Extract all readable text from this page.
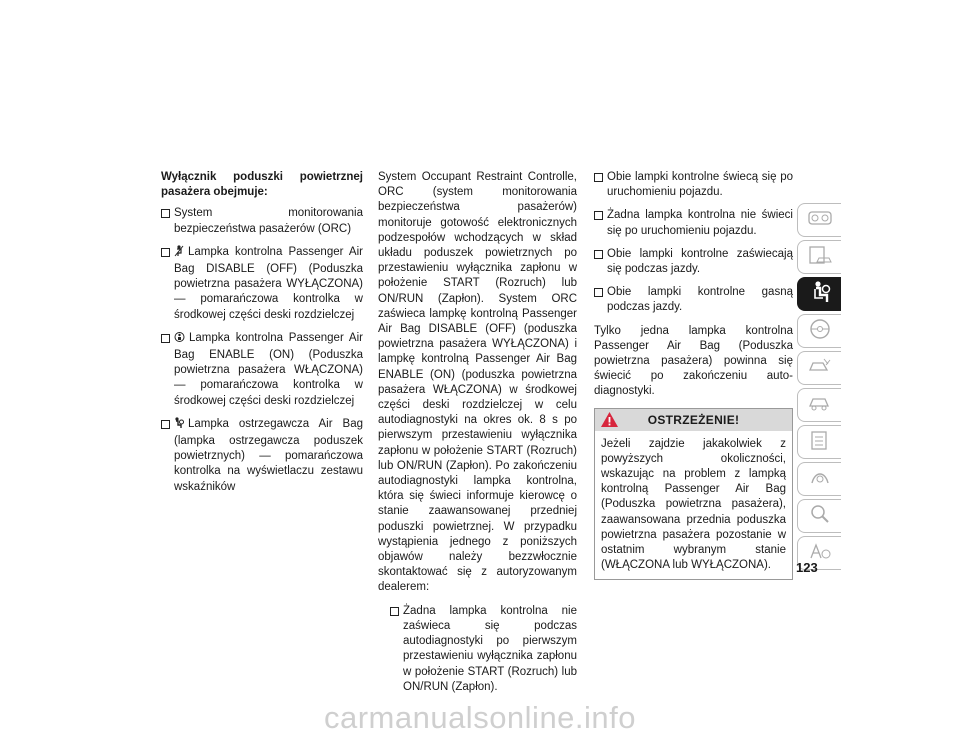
Wyłącznik poduszki powietrznej pasażera obejmuje:
System monitorowania bezpieczeństwa pasażerów (ORC)
Lampka kontrolna Passenger Air Bag DISABLE (OFF) (Poduszka powietrzna pasażera WYŁĄCZONA) — pomarańczowa kontrolka w środkowej części deski rozdzielczej
Lampka kontrolna Passenger Air Bag ENABLE (ON) (Poduszka powietrzna pasażera WŁĄCZONA) — pomarańczowa kontrolka w środkowej części deski rozdzielczej
Lampka ostrzegawcza Air Bag (lampka ostrzegawcza poduszek powietrznych) — pomarańczowa kontrolka na wyświetlaczu zestawu wskaźników

System Occupant Restraint Controlle, ORC (system monitorowania bezpieczeństwa pasażerów) monitoruje gotowość elektronicznych podzespołów wchodzących w skład układu poduszek powietrznych po przestawieniu wyłącznika zapłonu w położenie START (Rozruch) lub ON/RUN (Zapłon). System ORC zaświeca lampkę kontrolną Passenger Air Bag DISABLE (OFF) (poduszka powietrzna pasażera WYŁĄCZONA) i lampkę kontrolną Passenger Air Bag ENABLE (ON) (poduszka powietrzna pasażera WŁĄCZONA) w środkowej części deski rozdzielczej w celu autodiagnostyki na okres ok. 8 s po pierwszym przestawieniu wyłącznika zapłonu w położenie START (Rozruch) lub ON/RUN (Zapłon). Po zakończeniu autodiagnostyki lampka kontrolna, która się świeci informuje kierowcę o stanie zaawansowanej przedniej poduszki powietrznej. W przypadku wystąpienia jednego z poniższych objawów należy bezzwłocznie skontaktować się z autoryzowanym dealerem:

Żadna lampka kontrolna nie zaświeca się podczas autodiagnostyki po pierwszym przestawieniu wyłącznika zapłonu w położenie START (Rozruch) lub ON/RUN (Zapłon).
Obie lampki kontrolne świecą się po uruchomieniu pojazdu.
Żadna lampka kontrolna nie świeci się po uruchomieniu pojazdu.
Obie lampki kontrolne zaświecają się podczas jazdy.
Obie lampki kontrolne gasną podczas jazdy.

Tylko jedna lampka kontrolna Passenger Air Bag (Poduszka powietrzna pasażera) powinna się świecić po zakończeniu autodiagnostyki.

OSTRZEŻENIE!
Jeżeli zajdzie jakakolwiek z powyższych okoliczności, wskazując na problem z lampką kontrolną Passenger Air Bag (Poduszka powietrzna pasażera), zaawansowana przednia poduszka powietrzna pasażera pozostanie w ostatnim wybranym stanie (WŁĄCZONA lub WYŁĄCZONA).	123
carmanualsonline.info
